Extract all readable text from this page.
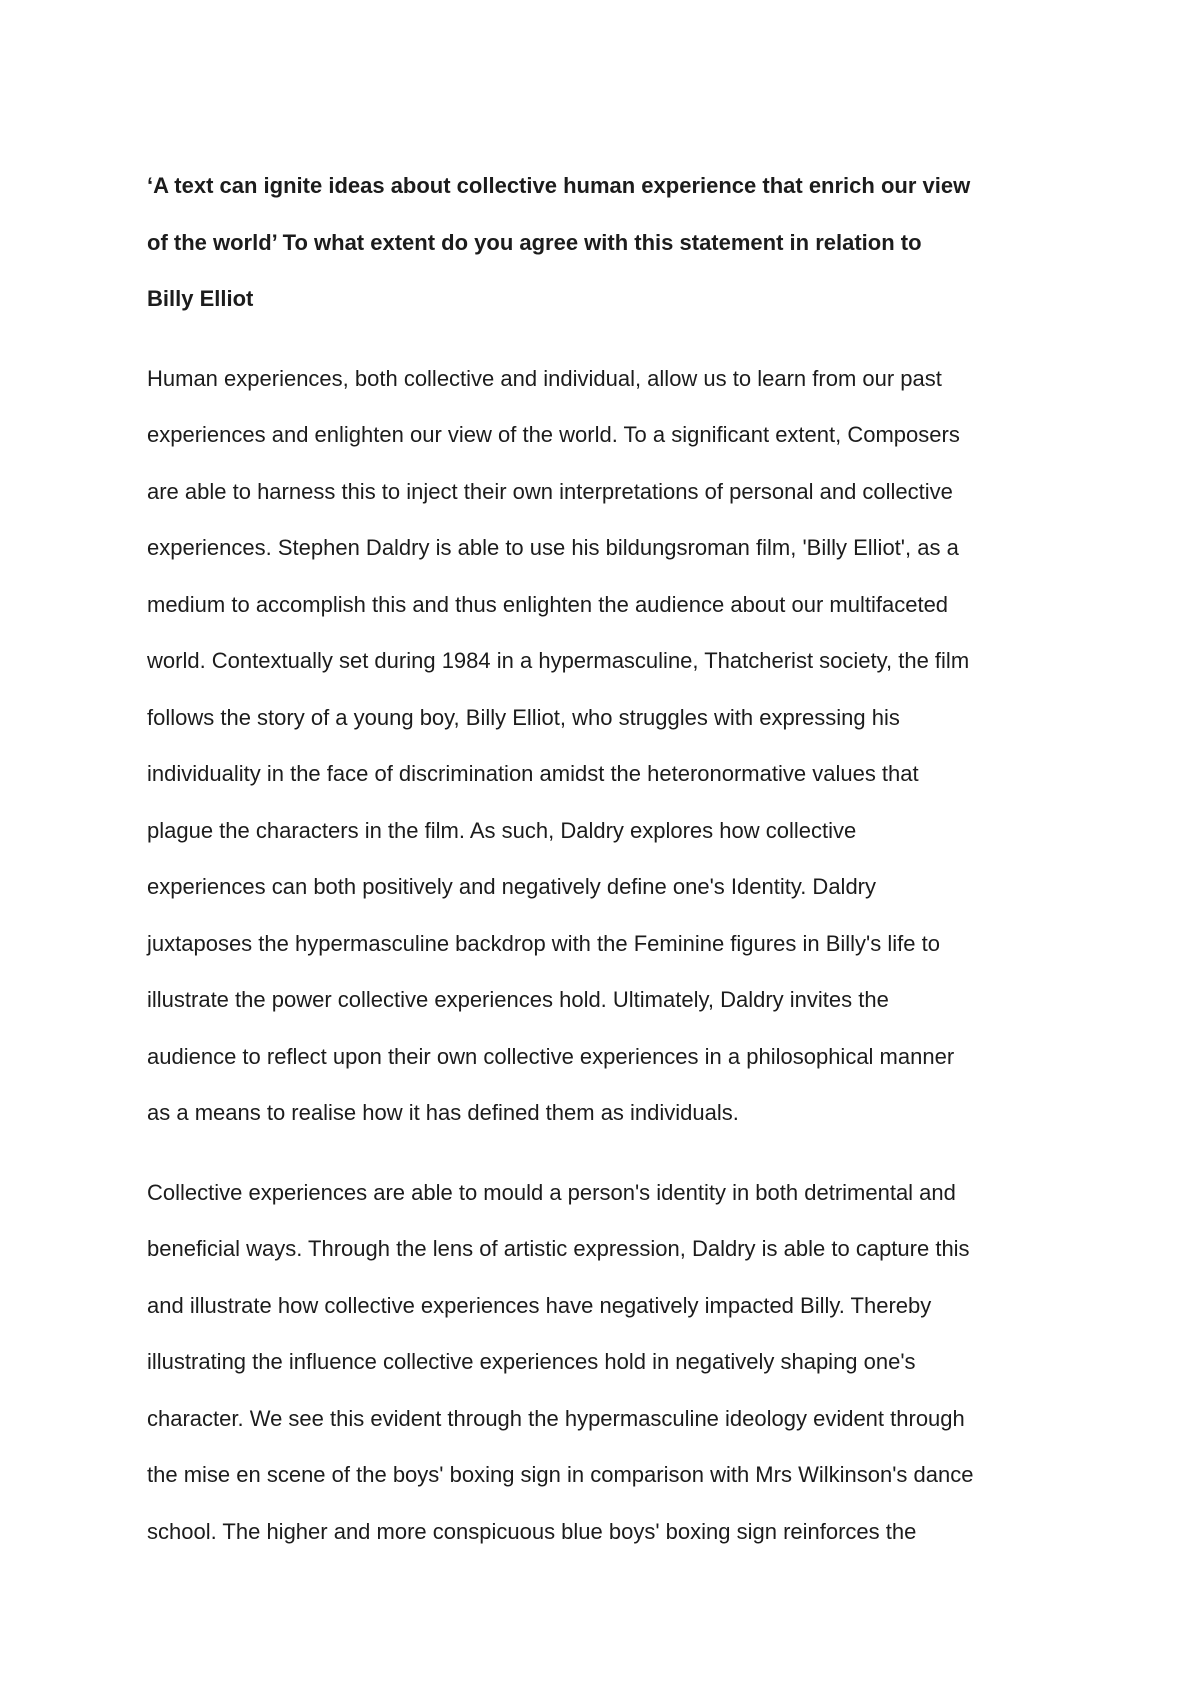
‘A text can ignite ideas about collective human experience that enrich our view
of the world’ To what extent do you agree with this statement in relation to
Billy Elliot

Human experiences, both collective and individual, allow us to learn from our past
experiences and enlighten our view of the world. To a significant extent, Composers
are able to harness this to inject their own interpretations of personal and collective
experiences. Stephen Daldry is able to use his bildungsroman film, 'Billy Elliot', as a
medium to accomplish this and thus enlighten the audience about our multifaceted
world. Contextually set during 1984 in a hypermasculine, Thatcherist society, the film
follows the story of a young boy, Billy Elliot, who struggles with expressing his
individuality in the face of discrimination amidst the heteronormative values that
plague the characters in the film. As such, Daldry explores how collective
experiences can both positively and negatively define one's Identity. Daldry
juxtaposes the hypermasculine backdrop with the Feminine figures in Billy's life to
illustrate the power collective experiences hold. Ultimately, Daldry invites the
audience to reflect upon their own collective experiences in a philosophical manner
as a means to realise how it has defined them as individuals.

Collective experiences are able to mould a person's identity in both detrimental and
beneficial ways. Through the lens of artistic expression, Daldry is able to capture this
and illustrate how collective experiences have negatively impacted Billy. Thereby
illustrating the influence collective experiences hold in negatively shaping one's
character. We see this evident through the hypermasculine ideology evident through
the mise en scene of the boys' boxing sign in comparison with Mrs Wilkinson's dance
school. The higher and more conspicuous blue boys' boxing sign reinforces the
